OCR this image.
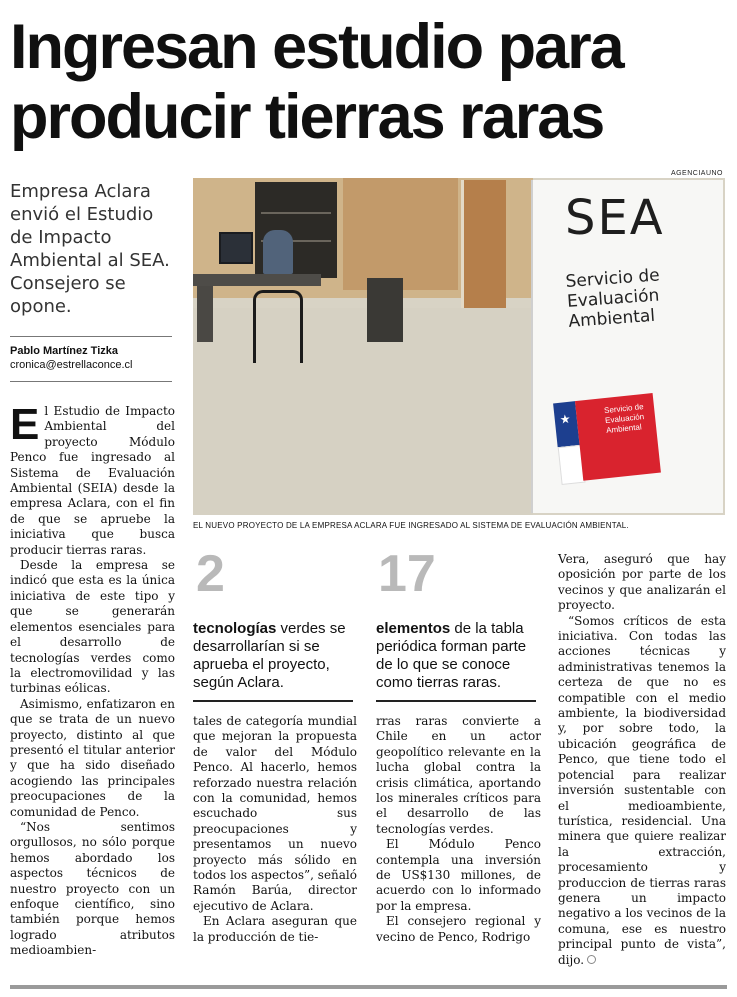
Ingresan estudio para producir tierras raras
AGENCIAUNO
Empresa Aclara envió el Estudio de Impacto Ambiental al SEA. Consejero se opone.
Pablo Martínez Tizka
cronica@estrellaconce.cl
SEA
Servicio de Evaluación Ambiental
★
Servicio de Evaluación Ambiental
EL NUEVO PROYECTO DE LA EMPRESA ACLARA FUE INGRESADO AL SISTEMA DE EVALUACIÓN AMBIENTAL.

El Estudio de Impacto Ambiental del proyecto Módulo Penco fue ingresado al Sistema de Evaluación Ambiental (SEIA) desde la empresa Aclara, con el fin de que se apruebe la iniciativa que busca producir tierras raras.

Desde la empresa se indicó que esta es la única iniciativa de este tipo y que se generarán elementos esenciales para el desarrollo de tecnologías verdes como la electromovilidad y las turbinas eólicas.

Asimismo, enfatizaron en que se trata de un nuevo proyecto, distinto al que presentó el titular anterior y que ha sido diseñado acogiendo las principales preocupaciones de la comunidad de Penco.

“Nos sentimos orgullosos, no sólo porque hemos abordado los aspectos técnicos de nuestro proyecto con un enfoque científico, sino también porque hemos logrado atributos medioambien-

2
tecnologías verdes se desarrollarían si se aprueba el proyecto, según Aclara.
17
elementos de la tabla periódica forman parte de lo que se conoce como tierras raras.

tales de categoría mundial que mejoran la propuesta de valor del Módulo Penco. Al hacerlo, hemos reforzado nuestra relación con la comunidad, hemos escuchado sus preocupaciones y presentamos un nuevo proyecto más sólido en todos los aspectos”, señaló Ramón Barúa, director ejecutivo de Aclara.

En Aclara aseguran que la producción de tie-

rras raras convierte a Chile en un actor geopolítico relevante en la lucha global contra la crisis climática, aportando los minerales críticos para el desarrollo de las tecnologías verdes.

El Módulo Penco contempla una inversión de US$130 millones, de acuerdo con lo informado por la empresa.

El consejero regional y vecino de Penco, Rodrigo

Vera, aseguró que hay oposición por parte de los vecinos y que analizarán el proyecto.

“Somos críticos de esta iniciativa. Con todas las acciones técnicas y administrativas tenemos la certeza de que no es compatible con el medio ambiente, la biodiversidad y, por sobre todo, la ubicación geográfica de Penco, que tiene todo el potencial para realizar inversión sustentable con el medioambiente, turística, residencial. Una minera que quiere realizar la extracción, procesamiento y produccion de tierras raras genera un impacto negativo a los vecinos de la comuna, ese es nuestro principal punto de vista”, dijo.
